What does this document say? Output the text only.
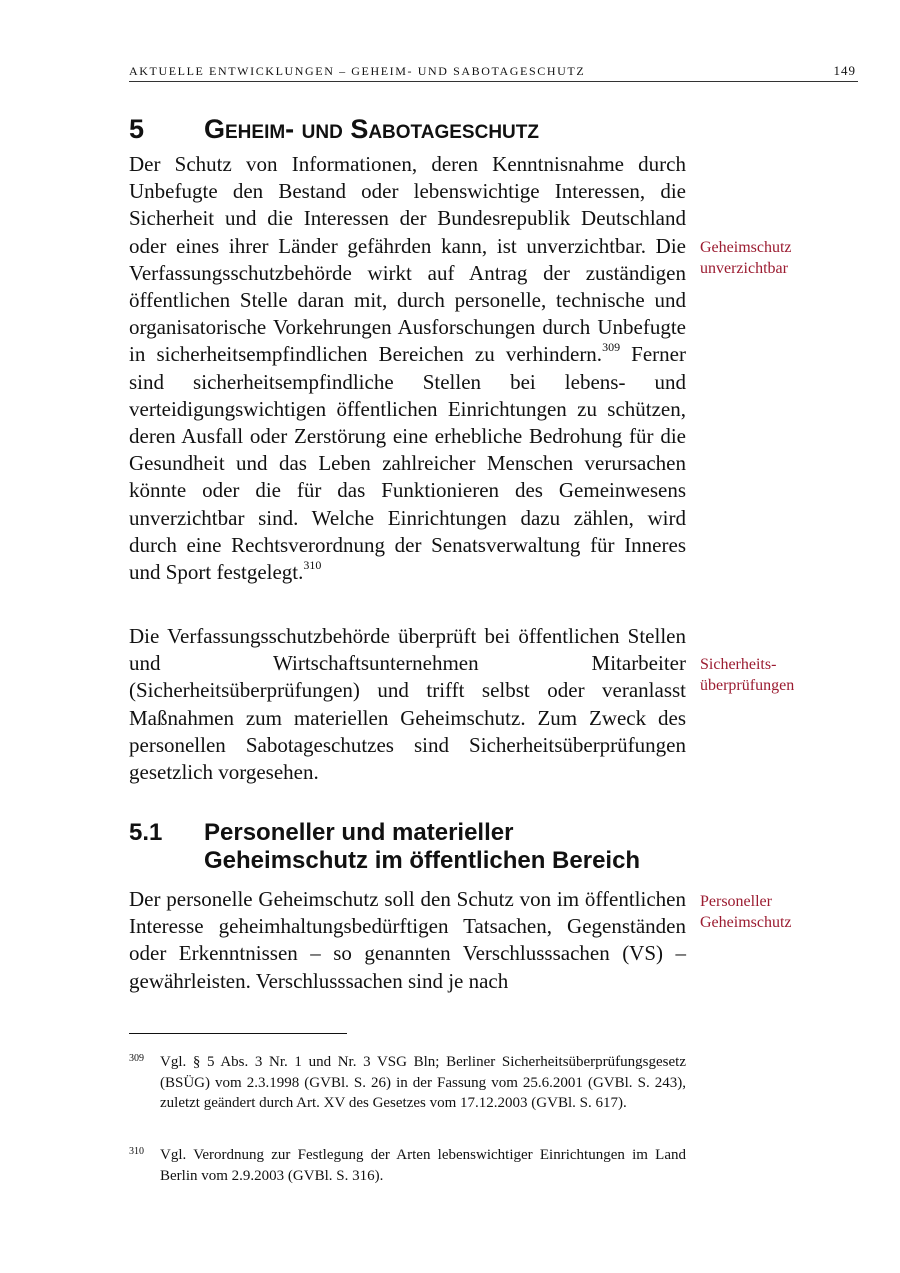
AKTUELLE ENTWICKLUNGEN – GEHEIM- UND SABOTAGESCHUTZ	149
5 Geheim- und Sabotageschutz

Der Schutz von Informationen, deren Kenntnisnahme durch Unbefugte den Bestand oder lebenswichtige Interessen, die Sicherheit und die Interessen der Bundesrepublik Deutschland oder eines ihrer Länder gefährden kann, ist unverzichtbar. Die Verfassungsschutzbehörde wirkt auf Antrag der zuständigen öffentlichen Stelle daran mit, durch personelle, technische und organisatorische Vorkehrungen Ausforschungen durch Unbefugte in sicherheitsempfindlichen Bereichen zu verhindern.$^{309}$ Ferner sind sicherheitsempfindliche Stellen bei lebens- und verteidigungswichtigen öffentlichen Einrichtungen zu schützen, deren Ausfall oder Zerstörung eine erhebliche Bedrohung für die Gesundheit und das Leben zahlreicher Menschen verursachen könnte oder die für das Funktionieren des Gemeinwesens unverzichtbar sind. Welche Einrichtungen dazu zählen, wird durch eine Rechtsverordnung der Senatsverwaltung für Inneres und Sport festgelegt.$^{310}$

Die Verfassungsschutzbehörde überprüft bei öffentlichen Stellen und Wirtschaftsunternehmen Mitarbeiter (Sicherheitsüberprüfungen) und trifft selbst oder veranlasst Maßnahmen zum materiellen Geheimschutz. Zum Zweck des personellen Sabotageschutzes sind Sicherheitsüberprüfungen gesetzlich vorgesehen.

5.1 Personeller und materieller Geheimschutz im öffentlichen Bereich

Der personelle Geheimschutz soll den Schutz von im öffentlichen Interesse geheimhaltungsbedürftigen Tatsachen, Gegenständen oder Erkenntnissen – so genannten Verschlusssachen (VS) – gewährleisten. Verschlusssachen sind je nach

Geheimschutz
unverzichtbar
Sicherheits-
überprüfungen
Personeller
Geheimschutz
309 Vgl. § 5 Abs. 3 Nr. 1 und Nr. 3 VSG Bln; Berliner Sicherheitsüberprüfungsgesetz (BSÜG) vom 2.3.1998 (GVBl. S. 26) in der Fassung vom 25.6.2001 (GVBl. S. 243), zuletzt geändert durch Art. XV des Gesetzes vom 17.12.2003 (GVBl. S. 617).
310 Vgl. Verordnung zur Festlegung der Arten lebenswichtiger Einrichtungen im Land Berlin vom 2.9.2003 (GVBl. S. 316).
